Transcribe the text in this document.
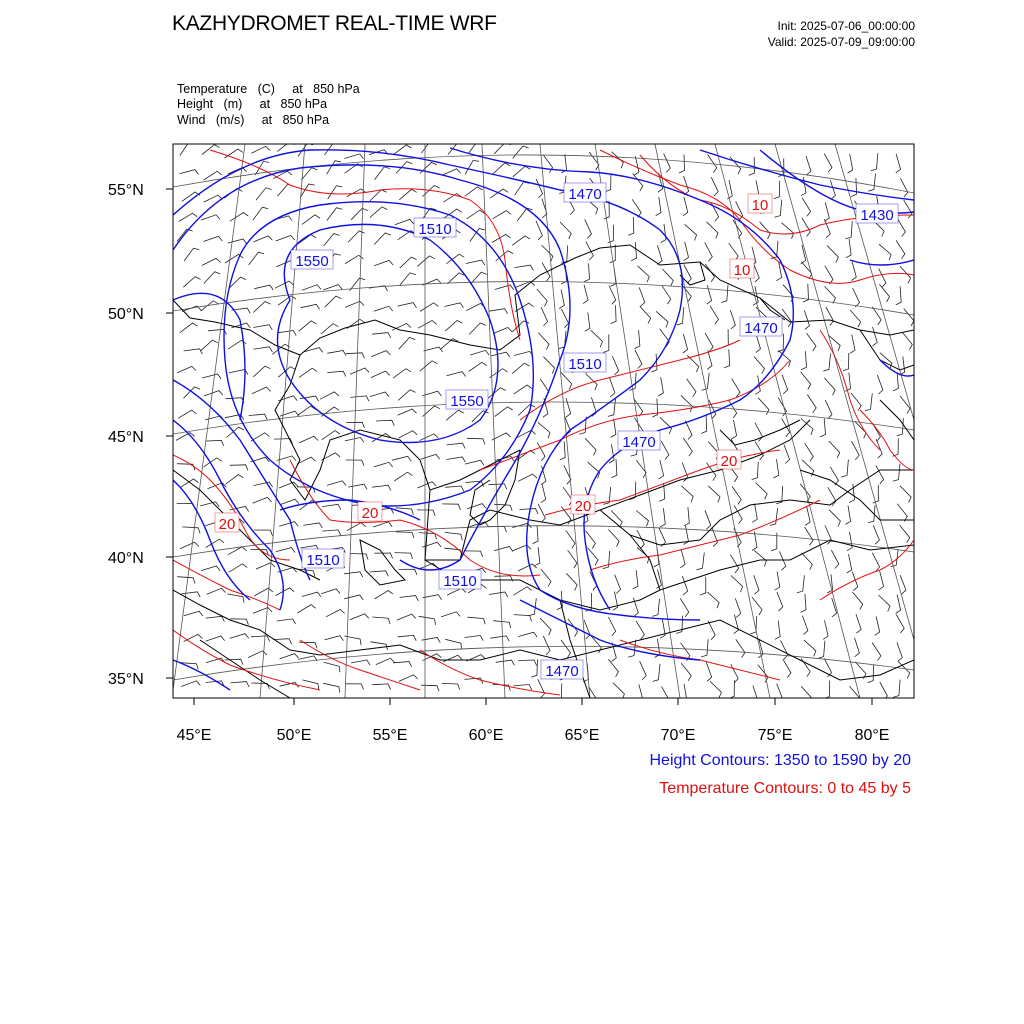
KAZHYDROMET REAL-TIME WRF	Init: 2025-07-06_00:00:00
Valid: 2025-07-09_09:00:00
Temperature   (C)     at   850 hPa
Height   (m)     at   850 hPa
Wind   (m/s)     at   850 hPa
55°N
50°N
45°N
40°N
35°N
45°E	50°E	55°E	60°E	65°E	70°E	75°E	80°E
1470
1510
1550
1430
1470
1510
1550
1470
1510
1510
1470
10
10
20
20
20
20
Height Contours: 1350 to 1590 by 20
Temperature Contours: 0 to 45 by 5
